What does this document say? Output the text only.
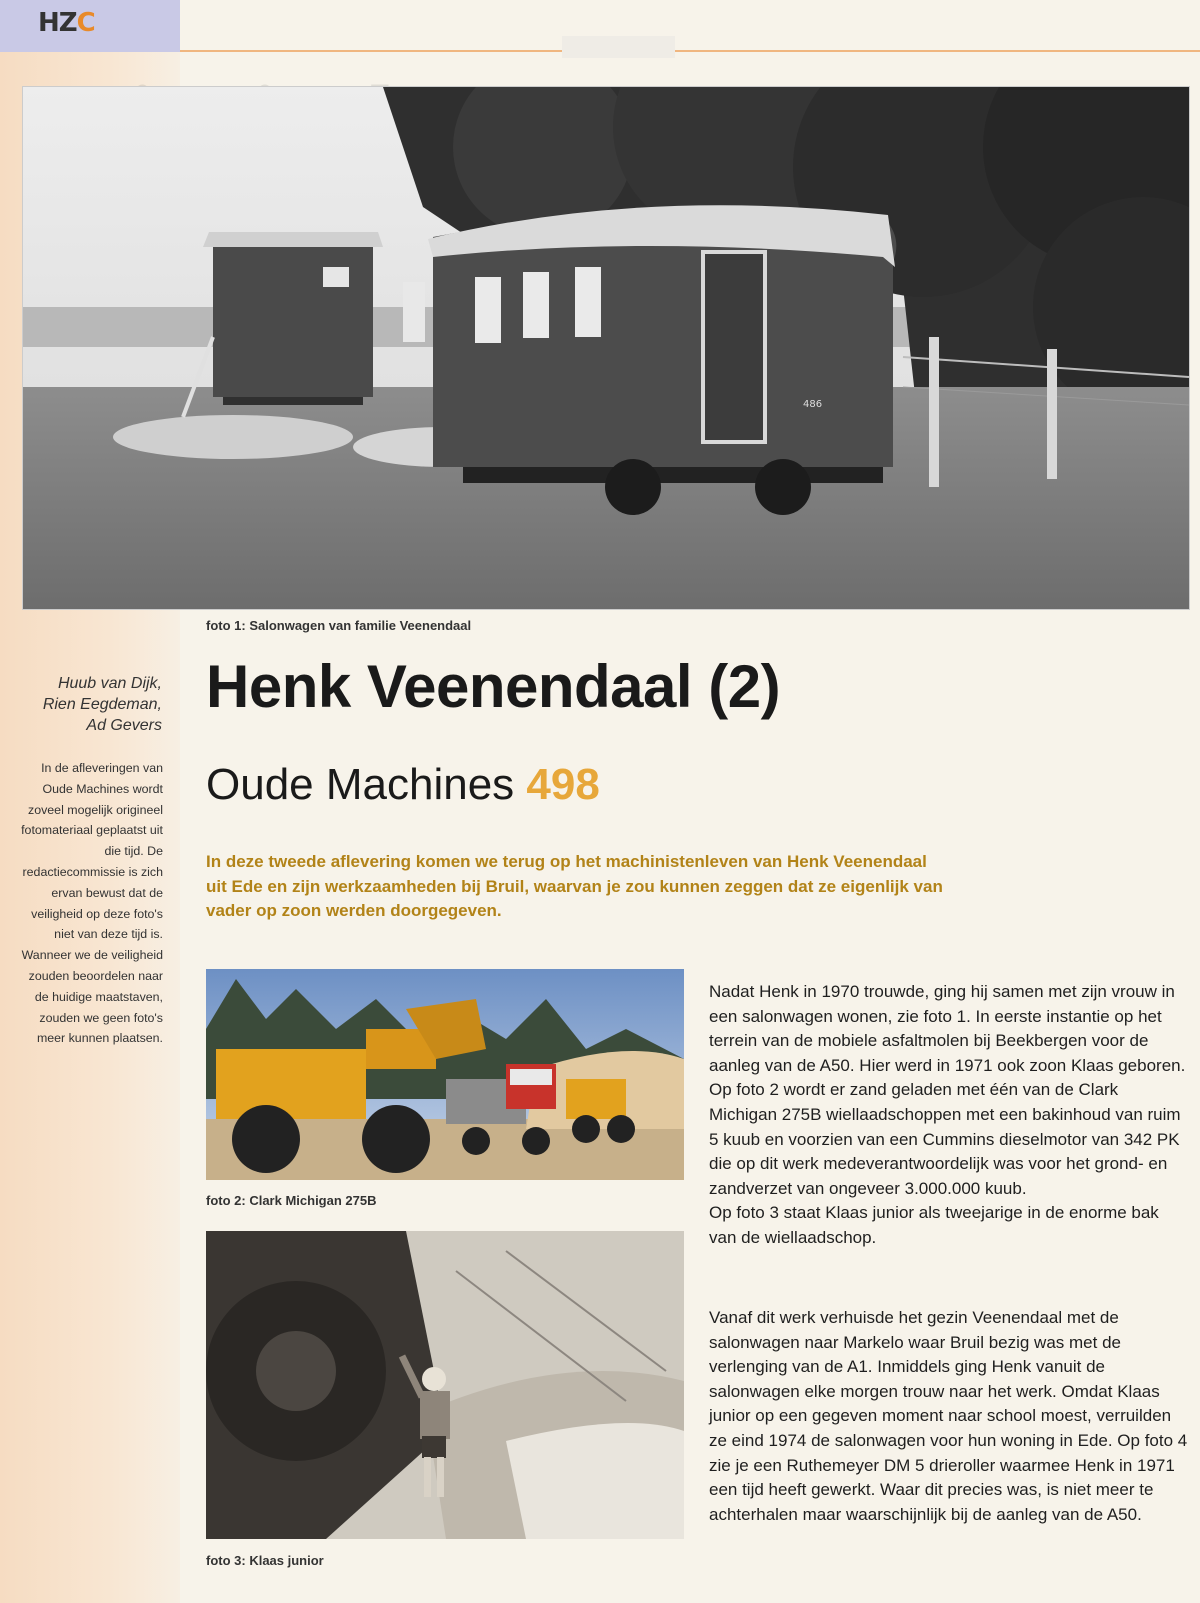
HZC
486
foto 1: Salonwagen van familie Veenendaal
Huub van Dijk,
Rien Eegdeman,
Ad Gevers
In de afleveringen van Oude Machines wordt zoveel mogelijk origineel fotomateriaal geplaatst uit die tijd. De redactiecommissie is zich ervan bewust dat de veiligheid op deze foto's niet van deze tijd is. Wanneer we de veiligheid zouden beoordelen naar de huidige maatstaven, zouden we geen foto's meer kunnen plaatsen.
Henk Veenendaal (2)
Oude Machines 498
In deze tweede aflevering komen we terug op het machinistenleven van Henk Veenendaal uit Ede en zijn werkzaamheden bij Bruil, waarvan je zou kunnen zeggen dat ze eigenlijk van vader op zoon werden doorgegeven.
foto 2: Clark Michigan 275B
foto 3: Klaas junior

Nadat Henk in 1970 trouwde, ging hij samen met zijn vrouw in een salonwagen wonen, zie foto 1. In eerste instantie op het terrein van de mobiele asfaltmolen bij Beekbergen voor de aanleg van de A50. Hier werd in 1971 ook zoon Klaas geboren. Op foto 2 wordt er zand geladen met één van de Clark Michigan 275B wiellaadschoppen met een bakinhoud van ruim 5 kuub en voorzien van een Cummins dieselmotor van 342 PK die op dit werk medeverantwoordelijk was voor het grond- en zandverzet van ongeveer 3.000.000 kuub.

Op foto 3 staat Klaas junior als tweejarige in de enorme bak van de wiellaadschop.

Vanaf dit werk verhuisde het gezin Veenendaal met de salonwagen naar Markelo waar Bruil bezig was met de verlenging van de A1. Inmiddels ging Henk vanuit de salonwagen elke morgen trouw naar het werk. Omdat Klaas junior op een gegeven moment naar school moest, verruilden ze eind 1974 de salonwagen voor hun woning in Ede. Op foto 4 zie je een Ruthemeyer DM 5 drieroller waarmee Henk in 1971 een tijd heeft gewerkt. Waar dit precies was, is niet meer te achterhalen maar waarschijnlijk bij de aanleg van de A50.
